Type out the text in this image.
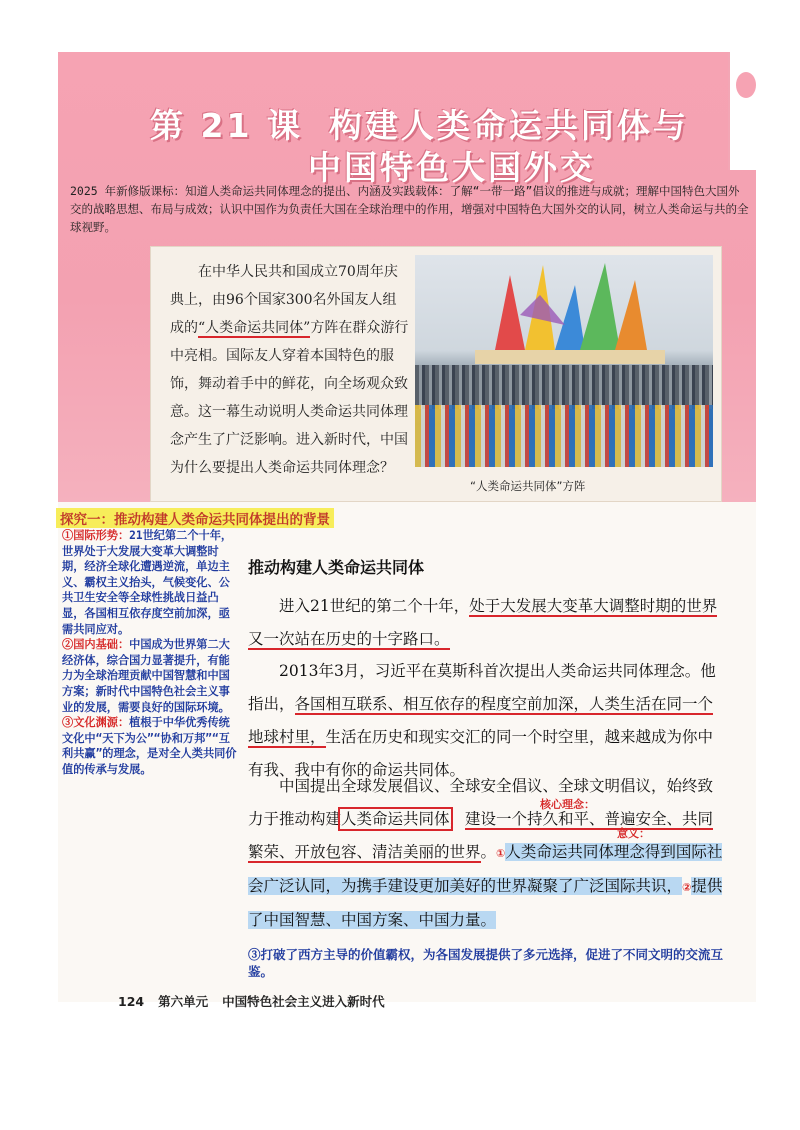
第 21 课 构建人类命运共同体与
中国特色大国外交
2025 年新修版课标：知道人类命运共同体理念的提出、内涵及实践载体：了解“一带一路”倡议的推进与成就；理解中国特色大国外交的战略思想、布局与成效；认识中国作为负责任大国在全球治理中的作用，增强对中国特色大国外交的认同，树立人类命运与共的全球视野。
在中华人民共和国成立70周年庆典上，由96个国家300名外国友人组成的“人类命运共同体”方阵在群众游行中亮相。国际友人穿着本国特色的服饰，舞动着手中的鲜花，向全场观众致意。这一幕生动说明人类命运共同体理念产生了广泛影响。进入新时代，中国为什么要提出人类命运共同体理念？
“人类命运共同体”方阵
探究一：推动构建人类命运共同体提出的背景

①国际形势：21世纪第二个十年，世界处于大发展大变革大调整时期，经济全球化遭遇逆流，单边主义、霸权主义抬头，气候变化、公共卫生安全等全球性挑战日益凸显，各国相互依存度空前加深，亟需共同应对。

②国内基础：中国成为世界第二大经济体，综合国力显著提升，有能力为全球治理贡献中国智慧和中国方案；新时代中国特色社会主义事业的发展，需要良好的国际环境。

③文化渊源：植根于中华优秀传统文化中“天下为公”“协和万邦”“互利共赢”的理念，是对全人类共同价值的传承与发展。

推动构建人类命运共同体
进入21世纪的第二个十年，处于大发展大变革大调整时期的世界又一次站在历史的十字路口。
2013年3月，习近平在莫斯科首次提出人类命运共同体理念。他指出，各国相互联系、相互依存的程度空前加深，人类生活在同一个地球村里，生活在历史和现实交汇的同一个时空里，越来越成为你中有我、我中有你的命运共同体。
中国提出全球发展倡议、全球安全倡议、全球文明倡议，始终致力于推动构建人类命运共同体，建设一个持久和平、普遍安全、共同繁荣、开放包容、清洁美丽的世界。①人类命运共同体理念得到国际社会广泛认同，为携手建设更加美好的世界凝聚了广泛国际共识，②提供了中国智慧、中国方案、中国力量。
核心理念：
意义：
③打破了西方主导的价值霸权，为各国发展提供了多元选择，促进了不同文明的交流互鉴。
124 第六单元 中国特色社会主义进入新时代
